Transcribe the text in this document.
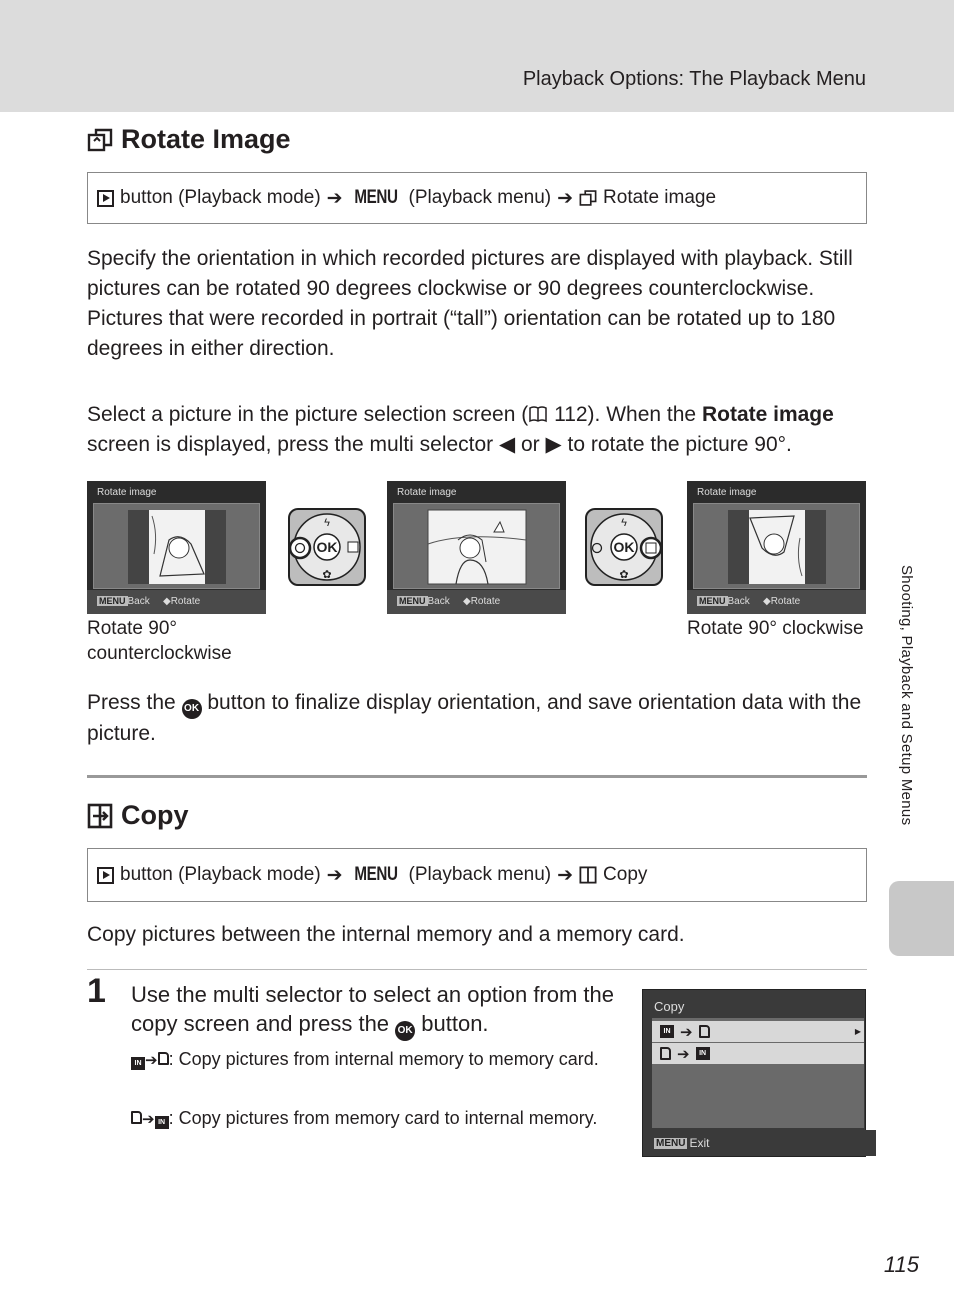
Playback Options: The Playback Menu
Shooting, Playback and Setup Menus
Rotate Image
button (Playback mode) ➔ MENU (Playback menu) ➔ Rotate image

Specify the orientation in which recorded pictures are displayed with playback. Still pictures can be rotated 90 degrees clockwise or 90 degrees counterclockwise. Pictures that were recorded in portrait (“tall”) orientation can be rotated up to 180 degrees in either direction.

Select a picture in the picture selection screen ( 112). When the Rotate image
screen is displayed, press the multi selector ◀ or ▶ to rotate the picture 90°.

Rotate image
MENU Back ◆Rotate
OK
ϟ
✿
Rotate image
MENU Back ◆Rotate
OK
ϟ
✿
Rotate image
MENU Back ◆Rotate
Rotate 90° counterclockwise
Rotate 90° clockwise

Press the OK button to finalize display orientation, and save orientation data with the picture.

Copy
button (Playback mode) ➔ MENU (Playback menu) ➔ Copy

Copy pictures between the internal memory and a memory card.

1 Use the multi selector to select an option from the copy screen and press the OK button.

IN ➔ : Copy pictures from internal memory to memory card.

➔ IN : Copy pictures from memory card to internal memory.

Copy
IN ➔	▶
➔	IN
MENU Exit
115
